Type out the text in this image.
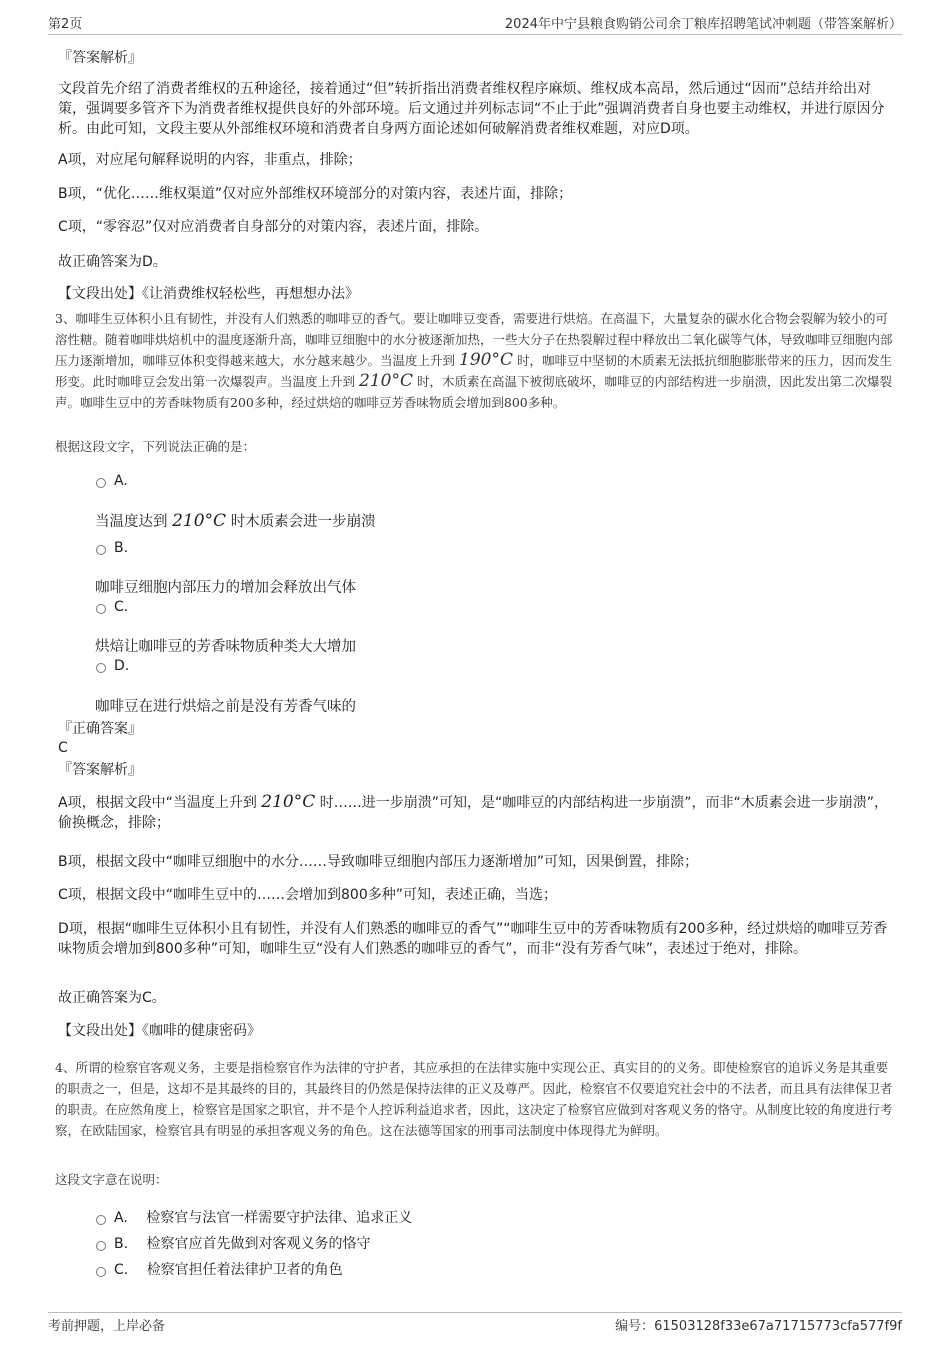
第2页	2024年中宁县粮食购销公司余丁粮库招聘笔试冲刺题（带答案解析）
『答案解析』
文段首先介绍了消费者维权的五种途径，接着通过“但”转折指出消费者维权程序麻烦、维权成本高昂，然后通过“因而”总结并给出对策，强调要多管齐下为消费者维权提供良好的外部环境。后文通过并列标志词“不止于此”强调消费者自身也要主动维权，并进行原因分析。由此可知，文段主要从外部维权环境和消费者自身两方面论述如何破解消费者维权难题，对应D项。
A项，对应尾句解释说明的内容，非重点，排除；
B项，“优化……维权渠道”仅对应外部维权环境部分的对策内容，表述片面，排除；
C项，“零容忍”仅对应消费者自身部分的对策内容，表述片面，排除。
故正确答案为D。
【文段出处】《让消费维权轻松些，再想想办法》
3、咖啡生豆体积小且有韧性，并没有人们熟悉的咖啡豆的香气。要让咖啡豆变香，需要进行烘焙。在高温下，大量复杂的碳水化合物会裂解为较小的可溶性糖。随着咖啡烘焙机中的温度逐渐升高，咖啡豆细胞中的水分被逐渐加热，一些大分子在热裂解过程中释放出二氧化碳等气体，导致咖啡豆细胞内部压力逐渐增加，咖啡豆体积变得越来越大，水分越来越少。当温度上升到 190°C 时，咖啡豆中坚韧的木质素无法抵抗细胞膨胀带来的压力，因而发生形变。此时咖啡豆会发出第一次爆裂声。当温度上升到 210°C 时，木质素在高温下被彻底破坏，咖啡豆的内部结构进一步崩溃，因此发出第二次爆裂声。咖啡生豆中的芳香味物质有200多种，经过烘焙的咖啡豆芳香味物质会增加到800多种。
根据这段文字，下列说法正确的是：
A.
当温度达到 210°C 时木质素会进一步崩溃
B.
咖啡豆细胞内部压力的增加会释放出气体
C.
烘焙让咖啡豆的芳香味物质种类大大增加
D.
咖啡豆在进行烘焙之前是没有芳香气味的
『正确答案』
C
『答案解析』
A项，根据文段中“当温度上升到 210°C 时……进一步崩溃”可知，是“咖啡豆的内部结构进一步崩溃”，而非“木质素会进一步崩溃”，偷换概念，排除；
B项，根据文段中“咖啡豆细胞中的水分……导致咖啡豆细胞内部压力逐渐增加”可知，因果倒置，排除；
C项，根据文段中“咖啡生豆中的……会增加到800多种”可知，表述正确，当选；
D项，根据“咖啡生豆体积小且有韧性，并没有人们熟悉的咖啡豆的香气”“咖啡生豆中的芳香味物质有200多种，经过烘焙的咖啡豆芳香味物质会增加到800多种”可知，咖啡生豆“没有人们熟悉的咖啡豆的香气”，而非“没有芳香气味”，表述过于绝对，排除。
故正确答案为C。
【文段出处】《咖啡的健康密码》
4、所谓的检察官客观义务，主要是指检察官作为法律的守护者，其应承担的在法律实施中实现公正、真实目的的义务。即使检察官的追诉义务是其重要的职责之一，但是，这却不是其最终的目的，其最终目的仍然是保持法律的正义及尊严。因此，检察官不仅要追究社会中的不法者，而且具有法律保卫者的职责。在应然角度上，检察官是国家之职官，并不是个人控诉利益追求者，因此，这决定了检察官应做到对客观义务的恪守。从制度比较的角度进行考察，在欧陆国家，检察官具有明显的承担客观义务的角色。这在法德等国家的刑事司法制度中体现得尤为鲜明。
这段文字意在说明：
A. 检察官与法官一样需要守护法律、追求正义
B. 检察官应首先做到对客观义务的恪守
C. 检察官担任着法律护卫者的角色
考前押题，上岸必备	编号：61503128f33e67a71715773cfa577f9f
